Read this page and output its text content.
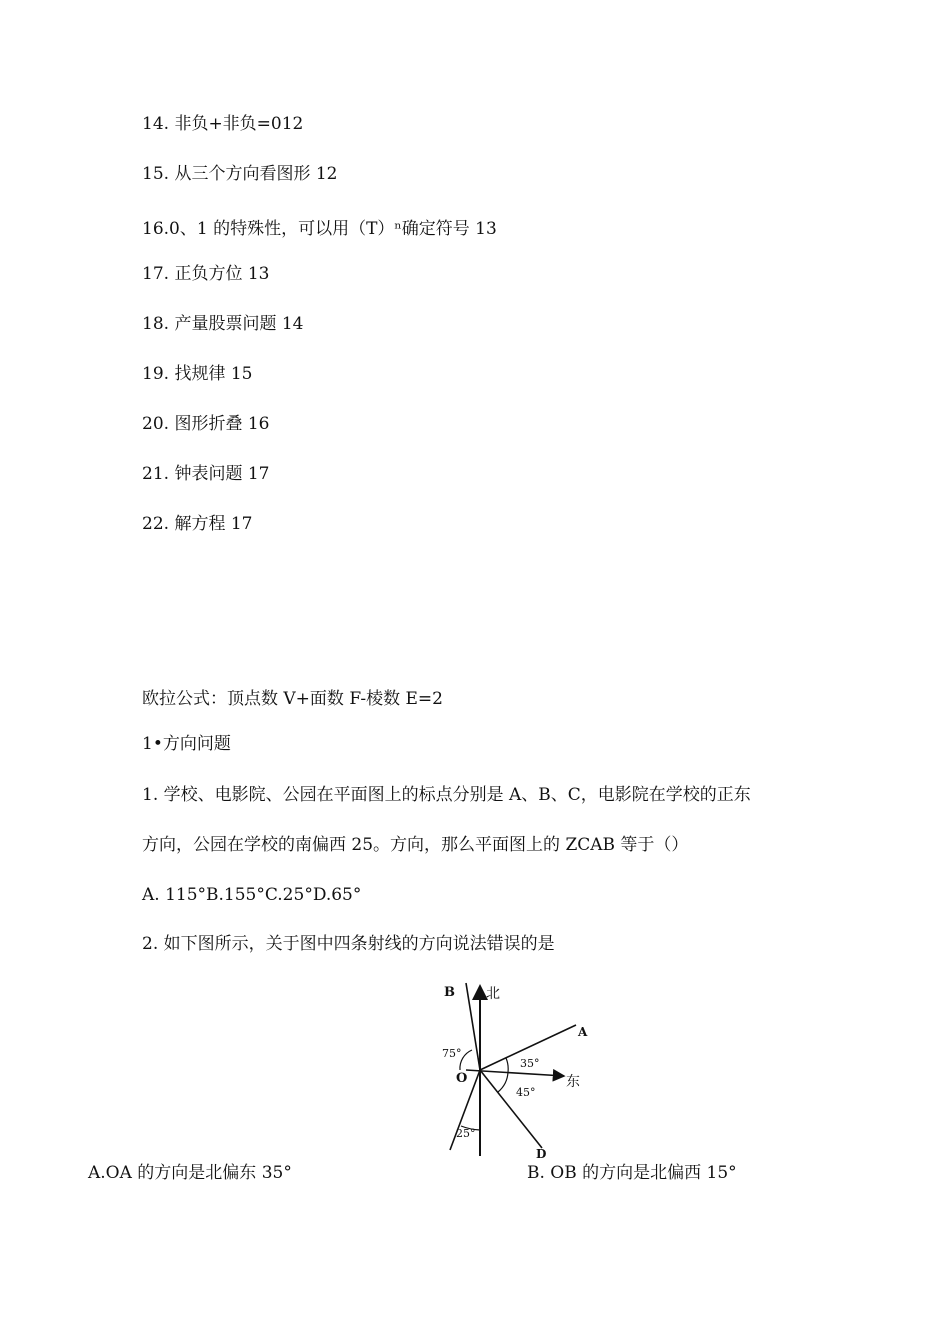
14. 非负+非负=012
15. 从三个方向看图形 12
16.0、1 的特殊性，可以用（T）ⁿ确定符号 13
17. 正负方位 13
18. 产量股票问题 14
19. 找规律 15
20. 图形折叠 16
21. 钟表问题 17
22. 解方程 17
欧拉公式：顶点数 V+面数 F-棱数 E=2
1•方向问题
1. 学校、电影院、公园在平面图上的标点分别是 A、B、C，电影院在学校的正东
方向，公园在学校的南偏西 25。方向，那么平面图上的 ZCAB 等于（）
A. 115°B.155°C.25°D.65°
2. 如下图所示，关于图中四条射线的方向说法错误的是
B 北
A
O	东
D
75°
35°
45°
25°
A.OA 的方向是北偏东 35°	B. OB 的方向是北偏西 15°
